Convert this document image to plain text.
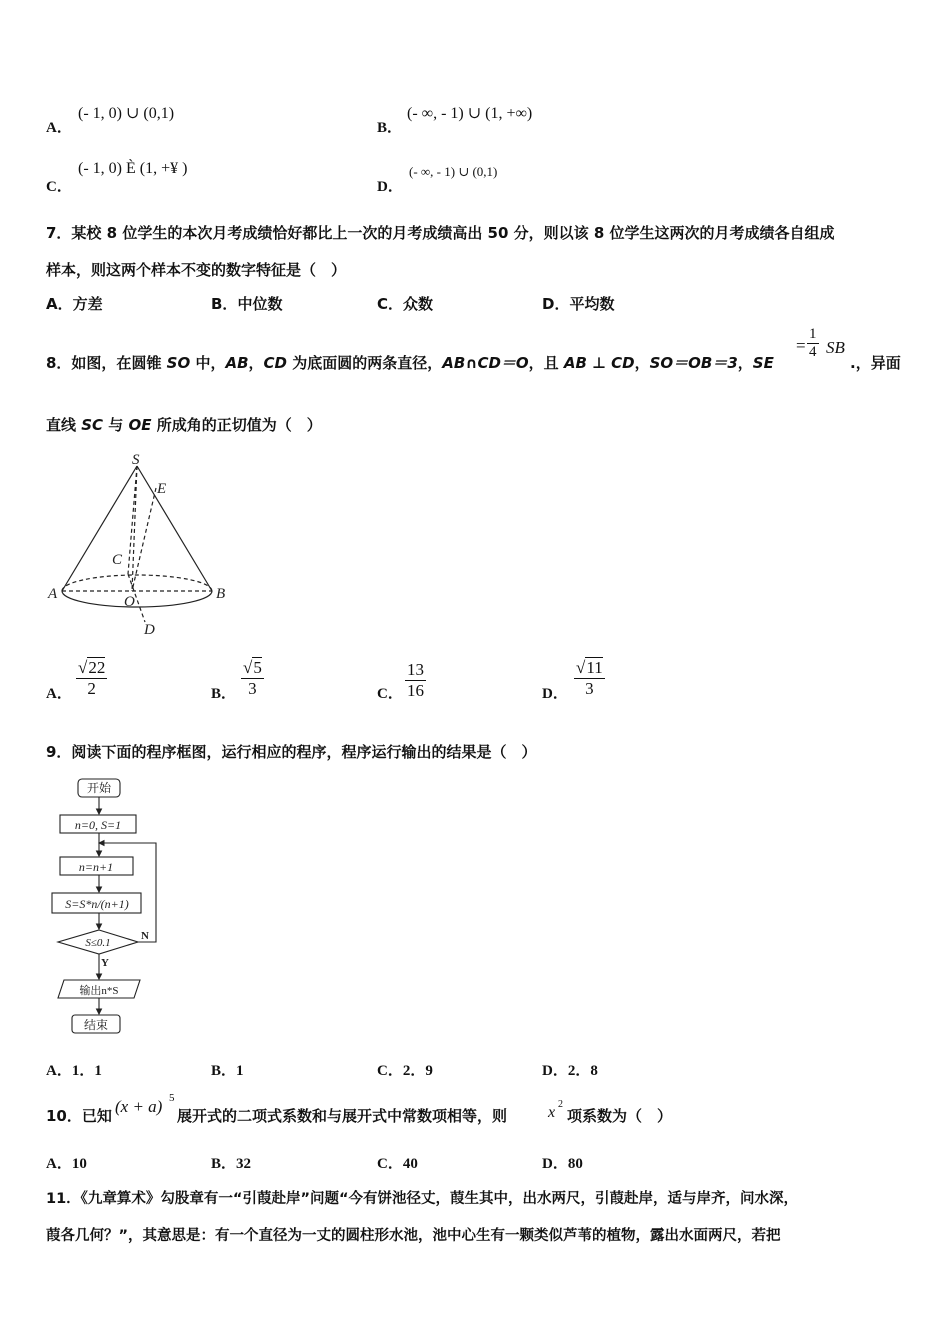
A．
(- 1, 0) ∪ (0,1)
B．
(- ∞, - 1) ∪ (1, +∞)
C．
(- 1, 0) È (1, +¥ )
D．
(- ∞, - 1) ∪ (0,1)
7．某校 8 位学生的本次月考成绩恰好都比上一次的月考成绩高出 50 分，则以该 8 位学生这两次的月考成绩各自组成
样本，则这两个样本不变的数字特征是（　）
A．方差	B．中位数	C．众数	D．平均数
8．如图，在圆锥 SO 中，AB，CD 为底面圆的两条直径，AB∩CD＝O，且 AB ⊥ CD，SO＝OB＝3，SE
= $\frac{1}{4}$ SB
.，异面
直线 SC 与 OE 所成角的正切值为（　）
S
E
C
A	O	B
D
A． $\frac{√22}{2}$	B． $\frac{√5}{3}$	C． $\frac{13}{16}$	D． $\frac{√11}{3}$
9．阅读下面的程序框图，运行相应的程序，程序运行输出的结果是（　）
开始
n=0, S=1
n=n+1
S=S*n/(n+1)
S≤0.1
Y
N
输出n*S
结束
A．1．1	B．1	C．2．9	D．2．8
10．已知 (x + a) 5
展开式的二项式系数和与展开式中常数项相等，则	x 2
项系数为（　）
A．10	B．32	C．40	D．80
11．《九章算术》勾股章有一“引葭赴岸”问题“今有饼池径丈，葭生其中，出水两尺，引葭赴岸，适与岸齐，问水深，
葭各几何？”，其意思是：有一个直径为一丈的圆柱形水池，池中心生有一颗类似芦苇的植物，露出水面两尺，若把
